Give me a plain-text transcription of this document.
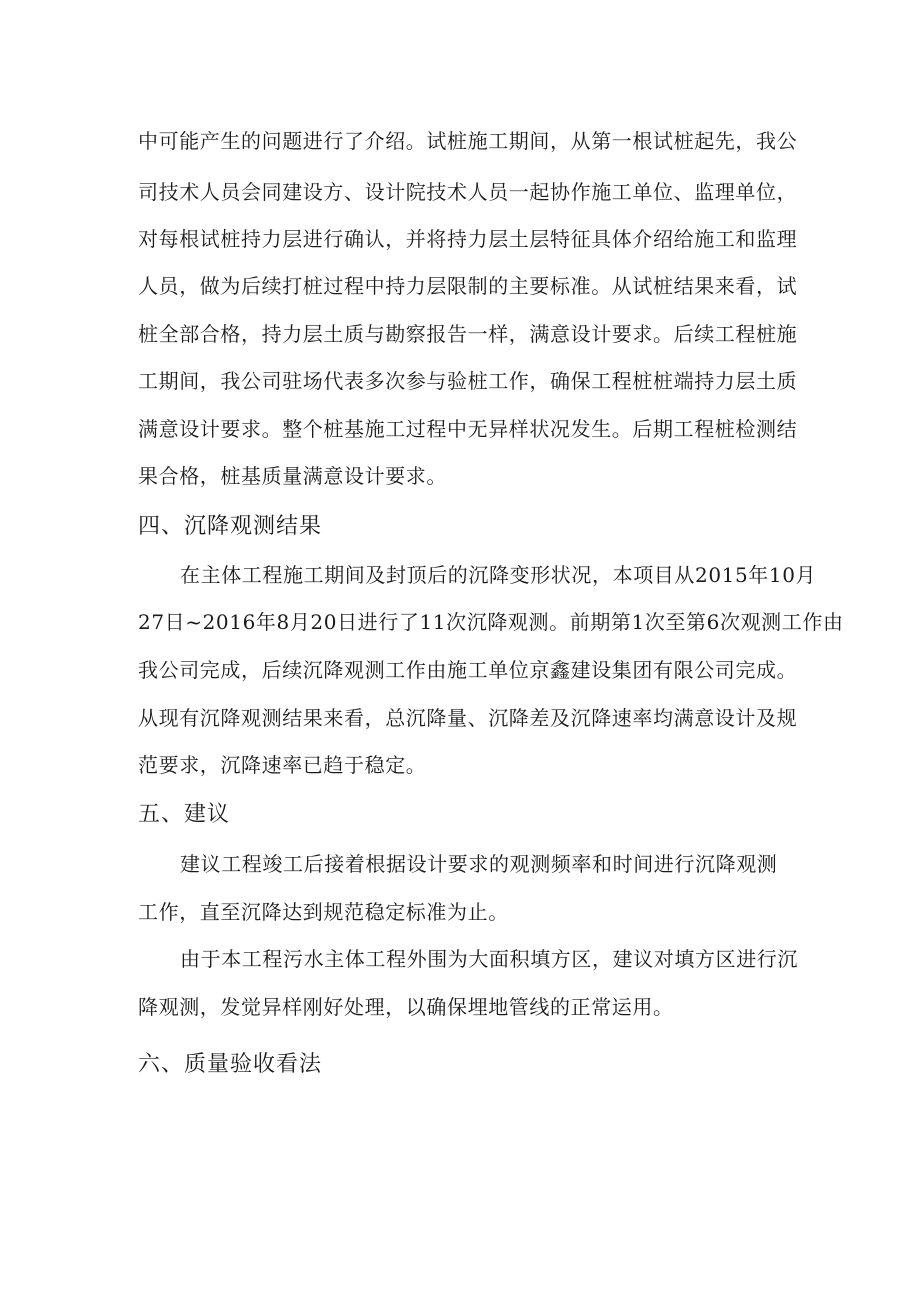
中可能产生的问题进行了介绍。试桩施工期间，从第一根试桩起先，我公
司技术人员会同建设方、设计院技术人员一起协作施工单位、监理单位，
对每根试桩持力层进行确认，并将持力层土层特征具体介绍给施工和监理
人员，做为后续打桩过程中持力层限制的主要标准。从试桩结果来看，试
桩全部合格，持力层土质与勘察报告一样，满意设计要求。后续工程桩施
工期间，我公司驻场代表多次参与验桩工作，确保工程桩桩端持力层土质
满意设计要求。整个桩基施工过程中无异样状况发生。后期工程桩检测结
果合格，桩基质量满意设计要求。
四、沉降观测结果
在主体工程施工期间及封顶后的沉降变形状况，本项目从2015年10月
27日~2016年8月20日进行了11次沉降观测。前期第1次至第6次观测工作由
我公司完成，后续沉降观测工作由施工单位京鑫建设集团有限公司完成。
从现有沉降观测结果来看，总沉降量、沉降差及沉降速率均满意设计及规
范要求，沉降速率已趋于稳定。
五、建议
建议工程竣工后接着根据设计要求的观测频率和时间进行沉降观测
工作，直至沉降达到规范稳定标准为止。
由于本工程污水主体工程外围为大面积填方区，建议对填方区进行沉
降观测，发觉异样刚好处理，以确保埋地管线的正常运用。
六、质量验收看法
